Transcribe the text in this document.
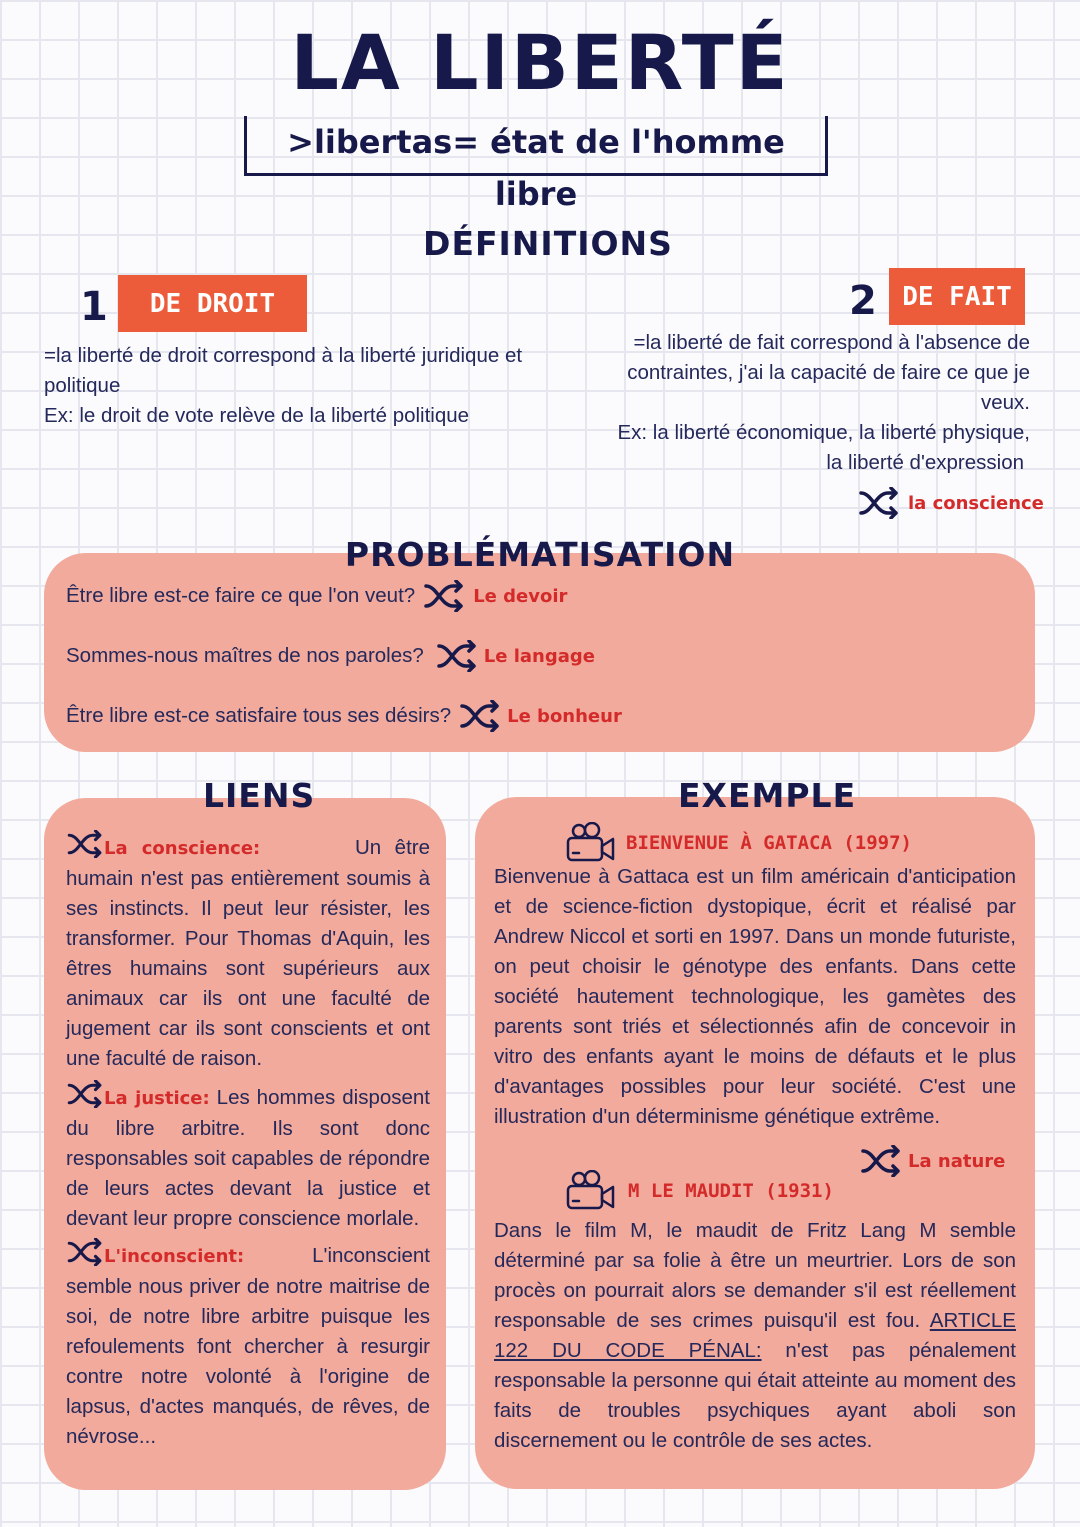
LA LIBERTÉ
>libertas= état de l'homme libre
DÉFINITIONS
1	DE DROIT
=la liberté de droit correspond à la liberté juridique et
politique
Ex: le droit de vote relève de la liberté politique
2 DE FAIT
=la liberté de fait correspond à l'absence de
contraintes, j'ai la capacité de faire ce que je
veux.
Ex: la liberté économique, la liberté physique,
la liberté d'expression
la conscience
PROBLÉMATISATION
Être libre est-ce faire ce que l'on veut?	Le devoir
Sommes-nous maîtres de nos paroles?	Le langage
Être libre est-ce satisfaire tous ses désirs?	Le bonheur
LIENS
La conscience:	Un être humain n'est pas entièrement soumis à ses instincts. Il peut leur résister, les transformer. Pour Thomas d'Aquin, les êtres humains sont supérieurs aux animaux car ils ont une faculté de jugement car ils sont conscients et ont une faculté de raison.
La justice: Les hommes disposent du libre arbitre. Ils sont donc responsables soit capables de répondre de leurs actes devant la justice et devant leur propre conscience morlale.
L'inconscient:	L'inconscient semble nous priver de notre maitrise de soi, de notre libre arbitre puisque les refoulements font chercher à resurgir contre notre volonté à l'origine de lapsus, d'actes manqués, de rêves, de névrose...
EXEMPLE
BIENVENUE À GATACA (1997)
Bienvenue à Gattaca est un film américain d'anticipation et de science-fiction dystopique, écrit et réalisé par Andrew Niccol et sorti en 1997. Dans un monde futuriste, on peut choisir le génotype des enfants. Dans cette société hautement technologique, les gamètes des parents sont triés et sélectionnés afin de concevoir in vitro des enfants ayant le moins de défauts et le plus d'avantages possibles pour leur société. C'est une illustration d'un déterminisme génétique extrême.
La nature
M LE MAUDIT (1931)
Dans le film M, le maudit de Fritz Lang M semble déterminé par sa folie à être un meurtrier. Lors de son procès on pourrait alors se demander s'il est réellement responsable de ses crimes puisqu'il est fou. ARTICLE 122 DU CODE PÉNAL: n'est pas pénalement responsable la personne qui était atteinte au moment des faits de troubles psychiques ayant aboli son discernement ou le contrôle de ses actes.
